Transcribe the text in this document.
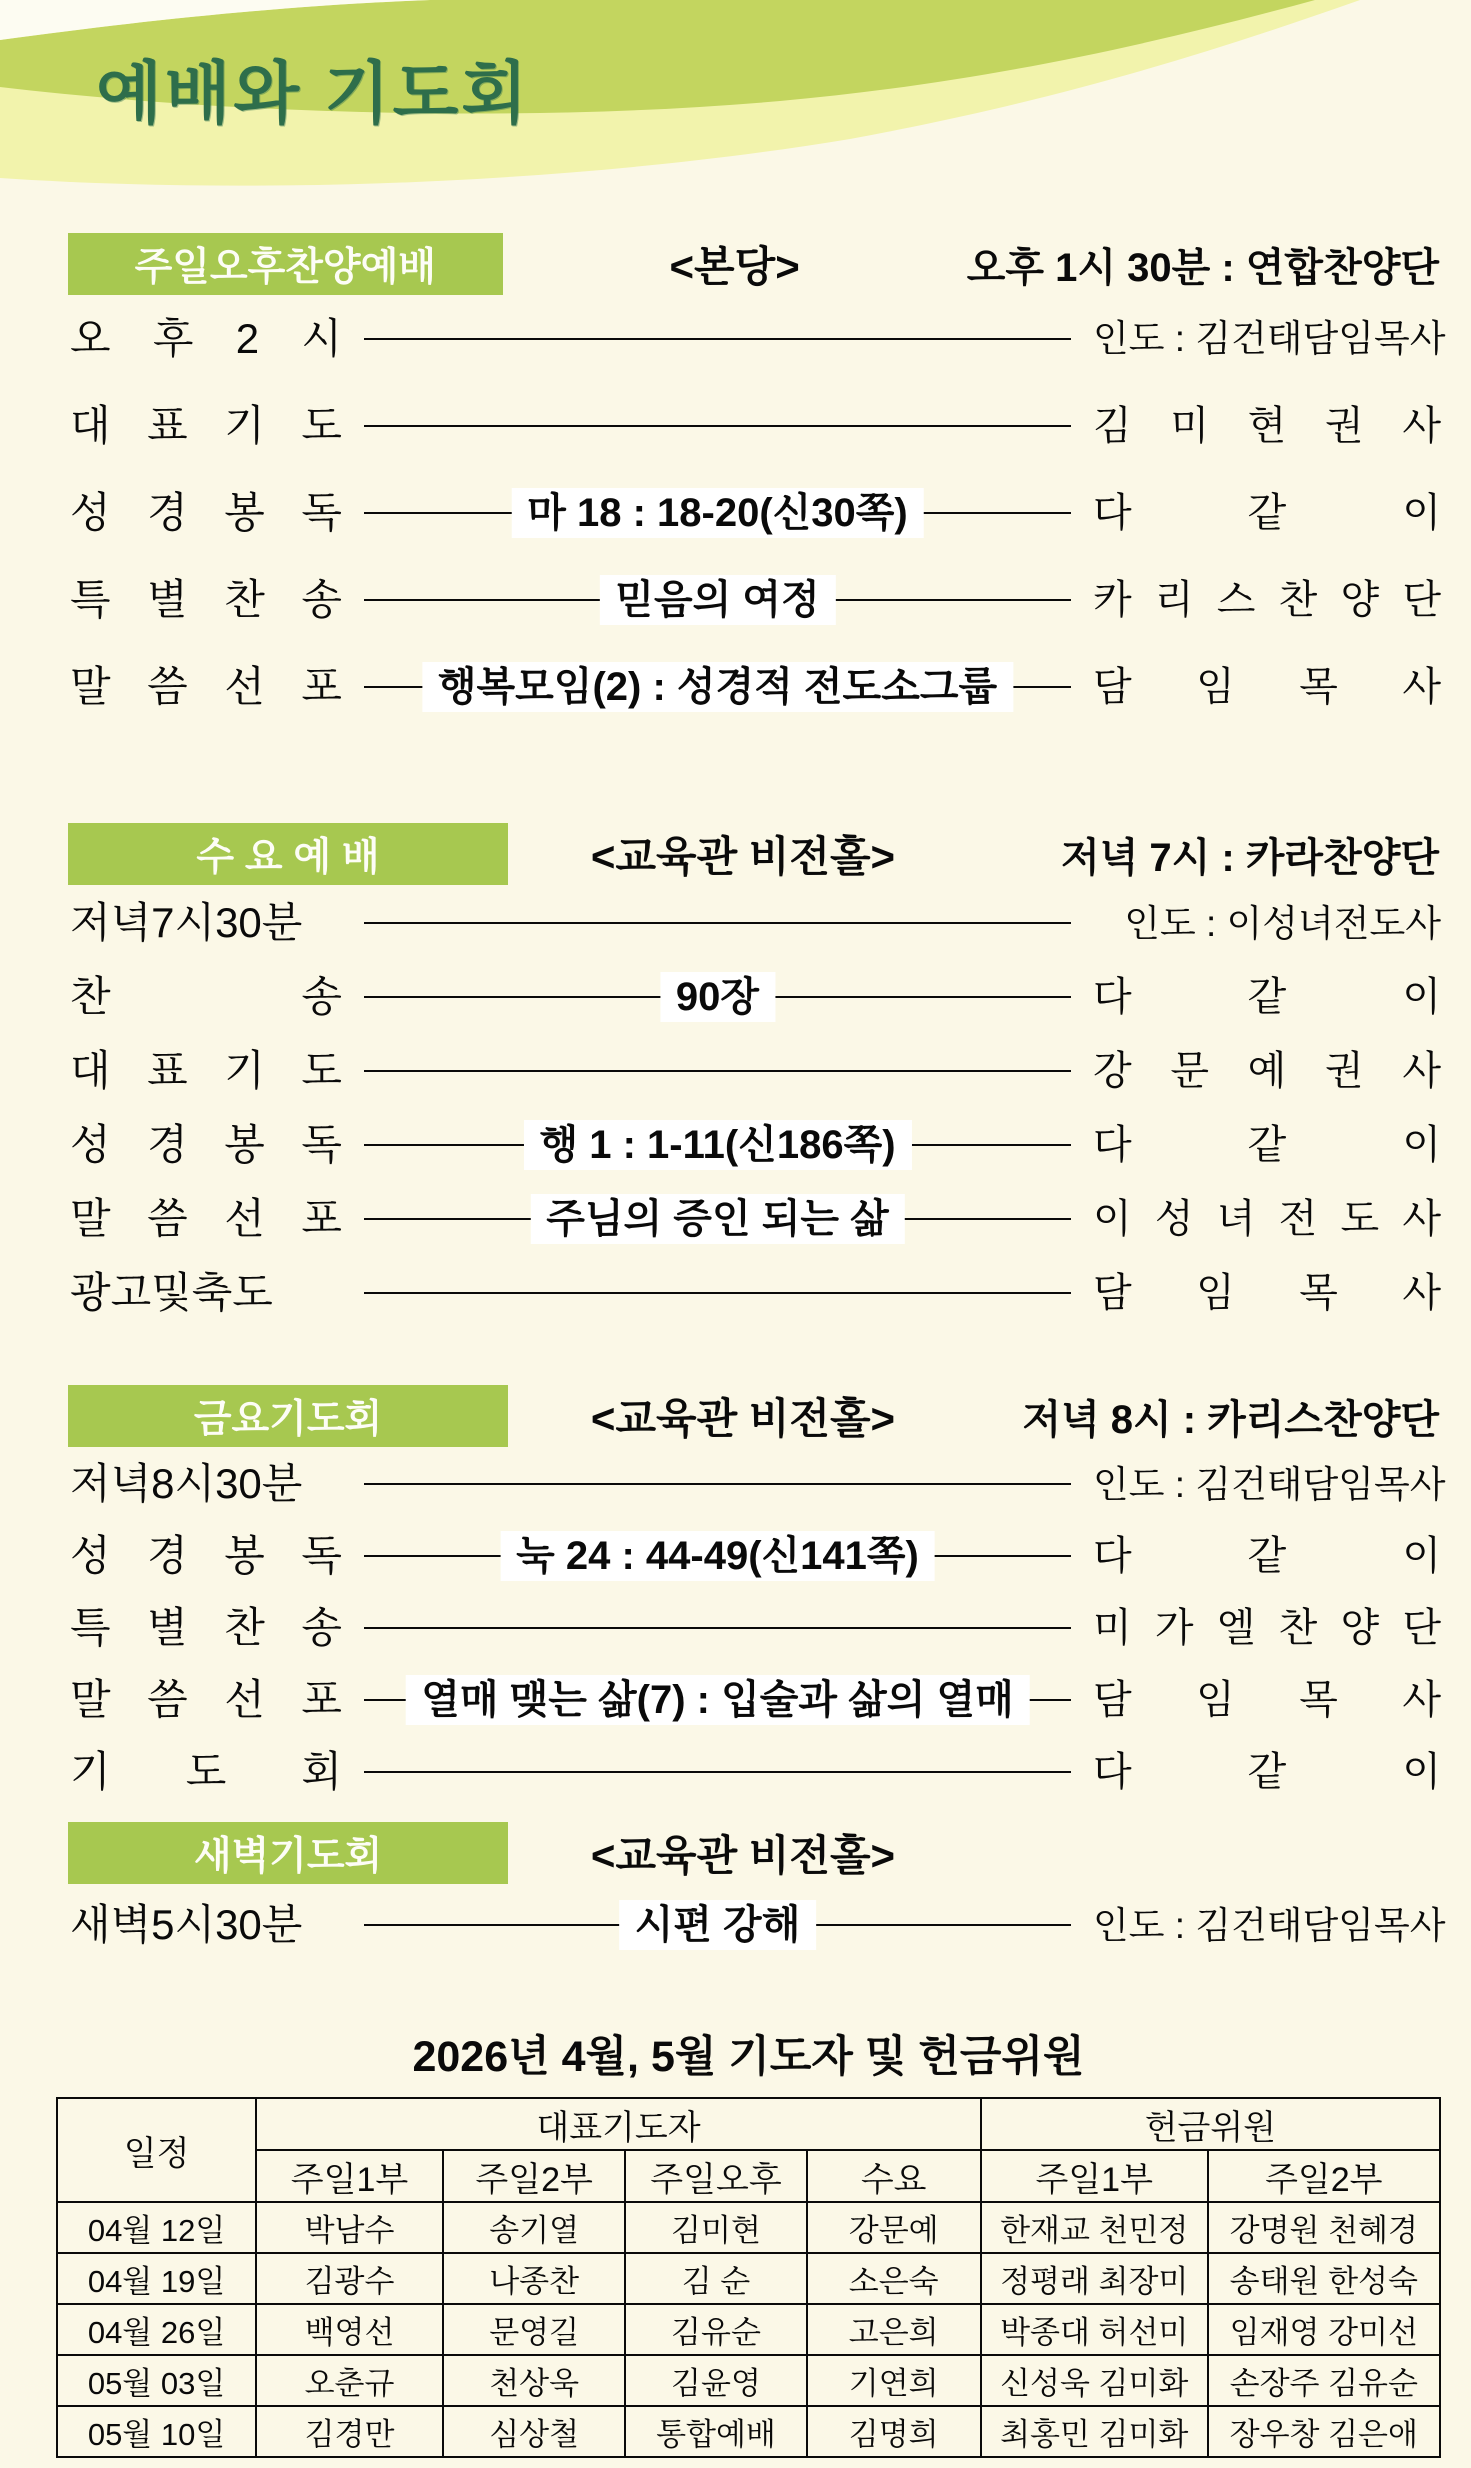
예배와 기도회
주일오후찬양예배	<본당>	오후 1시 30분 : 연합찬양단
오 후 2 시	인도 : 김건태담임목사
대 표 기 도	김 미 현 권 사
성 경 봉 독	마 18 : 18-20(신30쪽)	다 같 이
특 별 찬 송	믿음의 여정	카 리 스 찬 양 단
말 씀 선 포	행복모임(2) : 성경적 전도소그룹	담 임 목 사
수 요 예 배	<교육관 비전홀>	저녁 7시 : 카라찬양단
저녁7시30분	인도 : 이성녀전도사
찬 송	90장	다 같 이
대 표 기 도	강 문 예 권 사
성 경 봉 독	행 1 : 1-11(신186쪽)	다 같 이
말 씀 선 포	주님의 증인 되는 삶	이 성 녀 전 도 사
광고및축도	담 임 목 사
금요기도회	<교육관 비전홀>	저녁 8시 : 카리스찬양단
저녁8시30분	인도 : 김건태담임목사
성 경 봉 독	눅 24 : 44-49(신141쪽)	다 같 이
특 별 찬 송	미 가 엘 찬 양 단
말 씀 선 포	열매 맺는 삶(7) : 입술과 삶의 열매	담 임 목 사
기 도 회	다 같 이
새벽기도회	<교육관 비전홀>
새벽5시30분	시편 강해	인도 : 김건태담임목사
2026년 4월, 5월 기도자 및 헌금위원
일정	대표기도자				헌금위원	
	주일1부	주일2부	주일오후	수요	주일1부	주일2부
04월 12일	박남수	송기열	김미현	강문예	한재교 천민정	강명원 천혜경
04월 19일	김광수	나종찬	김 순	소은숙	정평래 최장미	송태원 한성숙
04월 26일	백영선	문영길	김유순	고은희	박종대 허선미	임재영 강미선
05월 03일	오춘규	천상욱	김윤영	기연희	신성욱 김미화	손장주 김유순
05월 10일	김경만	심상철	통합예배	김명희	최홍민 김미화	장우창 김은애
